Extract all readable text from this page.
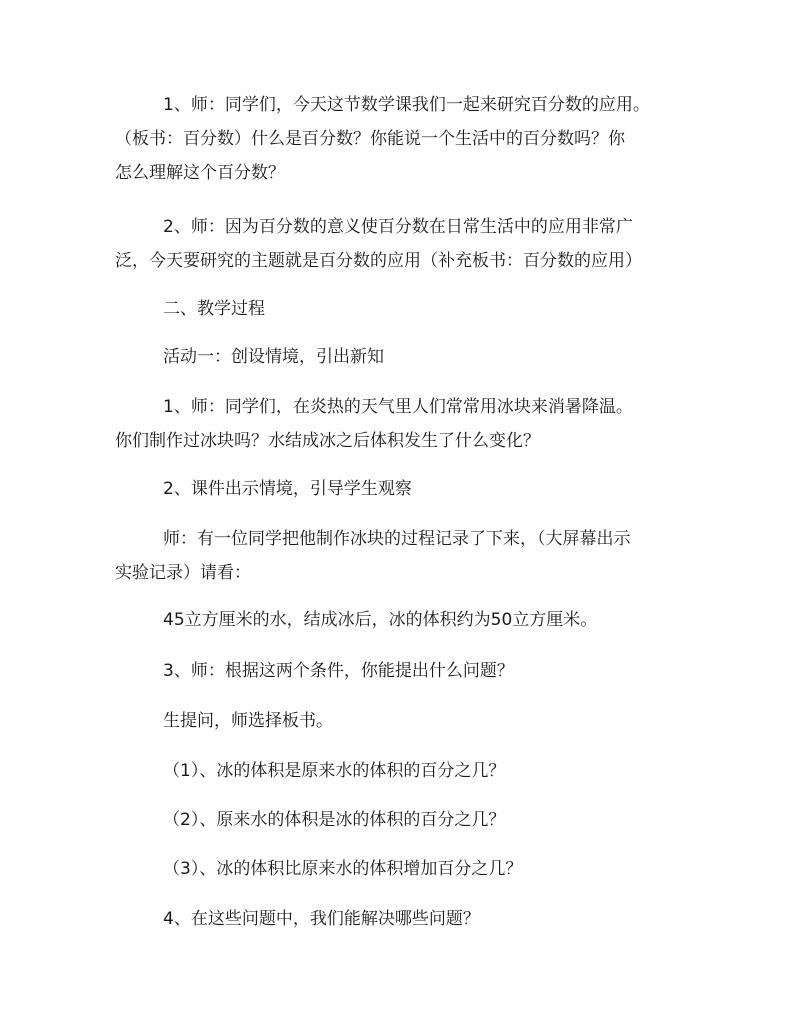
1、师：同学们，今天这节数学课我们一起来研究百分数的应用。
（板书：百分数）什么是百分数？你能说一个生活中的百分数吗？你
怎么理解这个百分数？

2、师：因为百分数的意义使百分数在日常生活中的应用非常广
泛，今天要研究的主题就是百分数的应用（补充板书：百分数的应用）

二、教学过程

活动一：创设情境，引出新知

1、师：同学们，在炎热的天气里人们常常用冰块来消暑降温。
你们制作过冰块吗？水结成冰之后体积发生了什么变化？

2、课件出示情境，引导学生观察

师：有一位同学把他制作冰块的过程记录了下来，（大屏幕出示
实验记录）请看：

45立方厘米的水，结成冰后，冰的体积约为50立方厘米。

3、师：根据这两个条件，你能提出什么问题？

生提问，师选择板书。

（1）、冰的体积是原来水的体积的百分之几？

（2）、原来水的体积是冰的体积的百分之几？

（3）、冰的体积比原来水的体积增加百分之几？

4、在这些问题中，我们能解决哪些问题？
